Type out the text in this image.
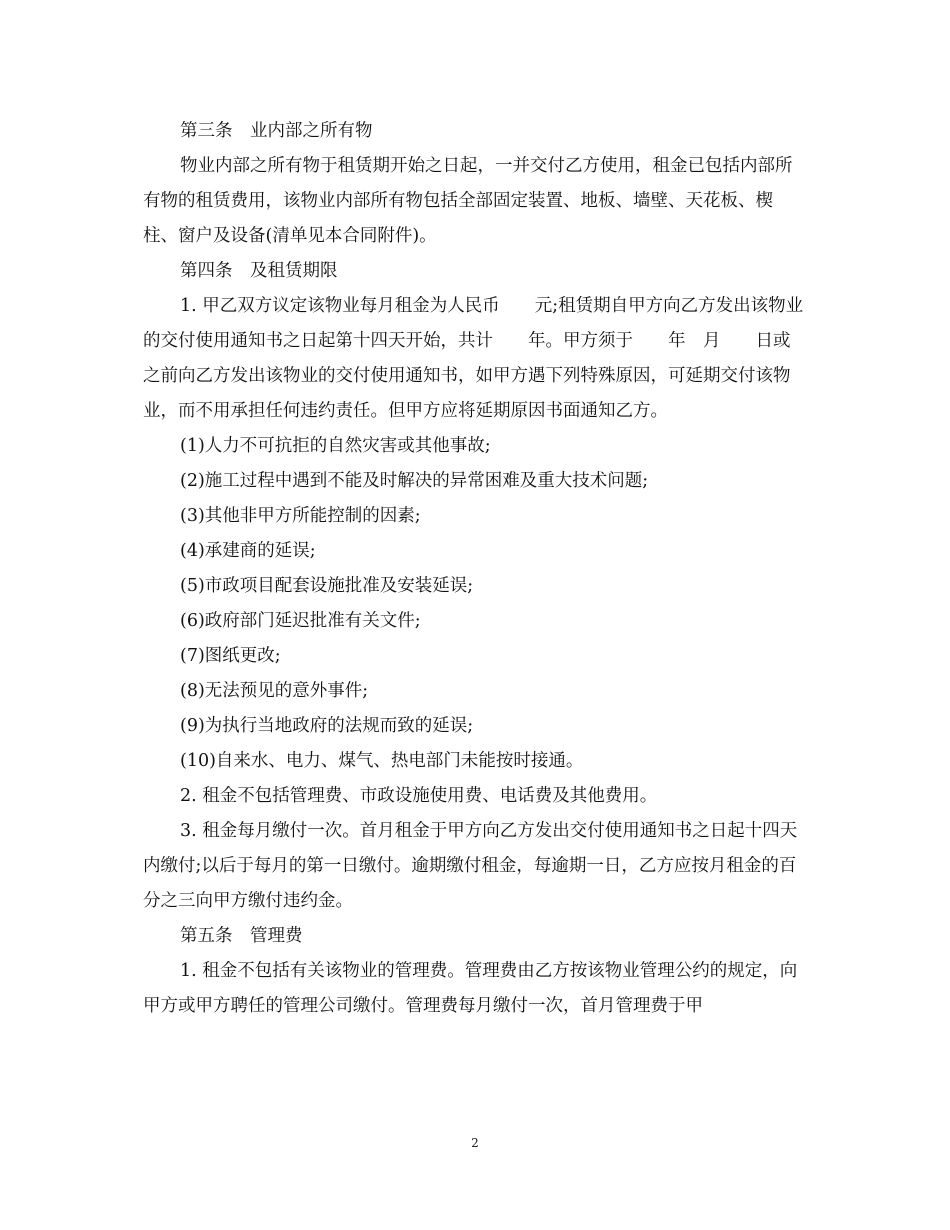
第三条　业内部之所有物

物业内部之所有物于租赁期开始之日起，一并交付乙方使用，租金已包括内部所有物的租赁费用，该物业内部所有物包括全部固定装置、地板、墙壁、天花板、楔柱、窗户及设备(清单见本合同附件)。

第四条　及租赁期限

1. 甲乙双方议定该物业每月租金为人民币　　元;租赁期自甲方向乙方发出该物业的交付使用通知书之日起第十四天开始，共计　　年。甲方须于　　年　月　　日或之前向乙方发出该物业的交付使用通知书，如甲方遇下列特殊原因，可延期交付该物业，而不用承担任何违约责任。但甲方应将延期原因书面通知乙方。

(1)人力不可抗拒的自然灾害或其他事故;

(2)施工过程中遇到不能及时解决的异常困难及重大技术问题;

(3)其他非甲方所能控制的因素;

(4)承建商的延误;

(5)市政项目配套设施批准及安装延误;

(6)政府部门延迟批准有关文件;

(7)图纸更改;

(8)无法预见的意外事件;

(9)为执行当地政府的法规而致的延误;

(10)自来水、电力、煤气、热电部门未能按时接通。

2. 租金不包括管理费、市政设施使用费、电话费及其他费用。

3. 租金每月缴付一次。首月租金于甲方向乙方发出交付使用通知书之日起十四天内缴付;以后于每月的第一日缴付。逾期缴付租金，每逾期一日，乙方应按月租金的百分之三向甲方缴付违约金。

第五条　管理费

1. 租金不包括有关该物业的管理费。管理费由乙方按该物业管理公约的规定，向甲方或甲方聘任的管理公司缴付。管理费每月缴付一次，首月管理费于甲

2
